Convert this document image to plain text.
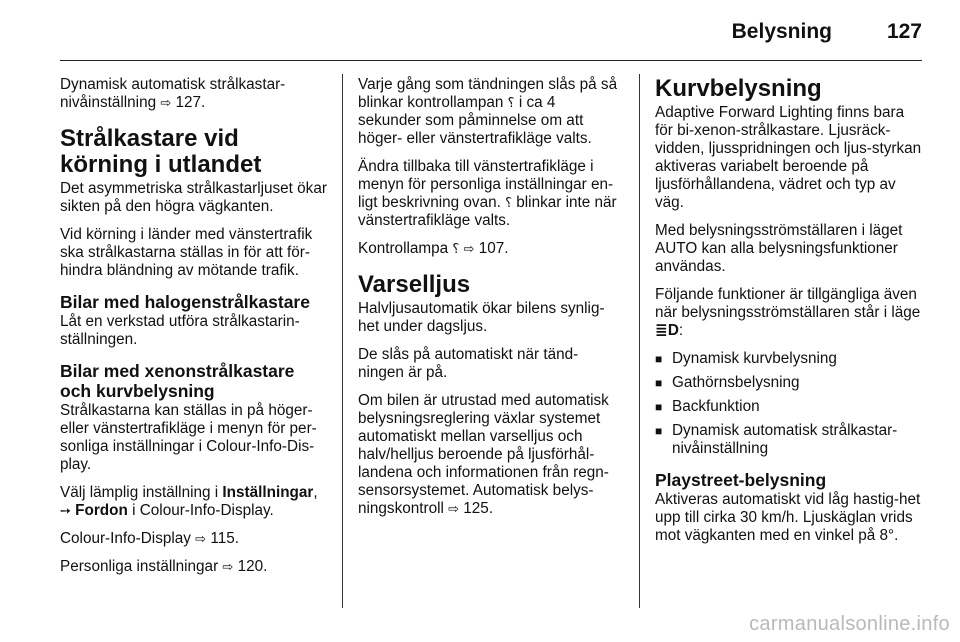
Belysning	127

Dynamisk automatisk strålkastar-nivåinställning ⇨ 127.

Strålkastare vid körning i utlandet

Det asymmetriska strålkastarljuset ökar sikten på den högra vägkanten.

Vid körning i länder med vänstertrafik ska strålkastarna ställas in för att för-hindra bländning av mötande trafik.

Bilar med halogenstrålkastare

Låt en verkstad utföra strålkastarin-ställningen.

Bilar med xenonstrålkastare och kurvbelysning

Strålkastarna kan ställas in på höger- eller vänstertrafikläge i menyn för per-sonliga inställningar i Colour-Info-Dis-play.

Välj lämplig inställning i Inställningar,
➙ Fordon i Colour-Info-Display.

Colour-Info-Display ⇨ 115.

Personliga inställningar ⇨ 120.

Varje gång som tändningen slås på så blinkar kontrollampan ⸮ i ca 4 sekunder som påminnelse om att höger- eller vänstertrafikläge valts.

Ändra tillbaka till vänstertrafikläge i menyn för personliga inställningar en-ligt beskrivning ovan. ⸮ blinkar inte när vänstertrafikläge valts.

Kontrollampa ⸮ ⇨ 107.

Varselljus

Halvljusautomatik ökar bilens synlig-het under dagsljus.

De slås på automatiskt när tänd-ningen är på.

Om bilen är utrustad med automatisk belysningsreglering växlar systemet automatiskt mellan varselljus och halv/helljus beroende på ljusförhål-landena och informationen från regn-sensorsystemet. Automatisk belys-ningskontroll ⇨ 125.

Kurvbelysning

Adaptive Forward Lighting finns bara för bi-xenon-strålkastare. Ljusräck-vidden, ljusspridningen och ljus-styrkan aktiveras variabelt beroende på ljusförhållandena, vädret och typ av väg.

Med belysningsströmställaren i läget AUTO kan alla belysningsfunktioner användas.

Följande funktioner är tillgängliga även när belysningsströmställaren står i läge ≣D:

■ Dynamisk kurvbelysning
■ Gathörnsbelysning
■ Backfunktion
■ Dynamisk automatisk strålkastar-nivåinställning
Playstreet-belysning

Aktiveras automatiskt vid låg hastig-het upp till cirka 30 km/h. Ljuskäglan vrids mot vägkanten med en vinkel på 8°.

carmanualsonline.info
